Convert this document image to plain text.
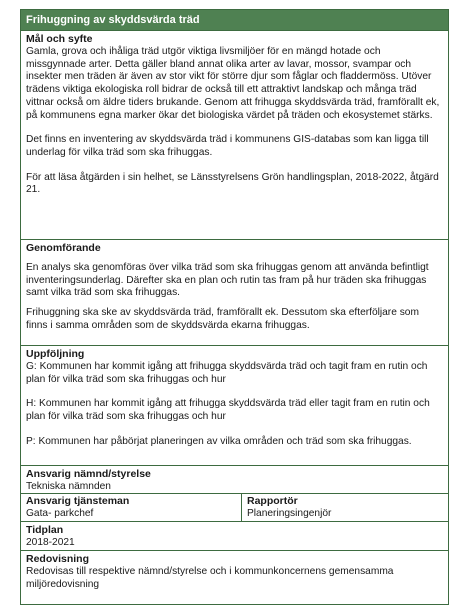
Frihuggning av skyddsvärda träd
Mål och syfte

Gamla, grova och ihåliga träd utgör viktiga livsmiljöer för en mängd hotade och missgynnade arter. Detta gäller bland annat olika arter av lavar, mossor, svampar och insekter men träden är även av stor vikt för större djur som fåglar och fladdermöss. Utöver trädens viktiga ekologiska roll bidrar de också till ett attraktivt landskap och många träd vittnar också om äldre tiders brukande. Genom att frihugga skyddsvärda träd, framförallt ek, på kommunens egna marker ökar det biologiska värdet på träden och ekosystemet stärks.

Det finns en inventering av skyddsvärda träd i kommunens GIS-databas som kan ligga till underlag för vilka träd som ska frihuggas.

För att läsa åtgärden i sin helhet, se Länsstyrelsens Grön handlingsplan, 2018-2022, åtgärd 21.

Genomförande

En analys ska genomföras över vilka träd som ska frihuggas genom att använda befintligt inventeringsunderlag. Därefter ska en plan och rutin tas fram på hur träden ska frihuggas samt vilka träd som ska frihuggas.

Frihuggning ska ske av skyddsvärda träd, framförallt ek. Dessutom ska efterföljare som finns i samma områden som de skyddsvärda ekarna frihuggas.

Uppföljning

G: Kommunen har kommit igång att frihugga skyddsvärda träd och tagit fram en rutin och plan för vilka träd som ska frihuggas och hur

H: Kommunen har kommit igång att frihugga skyddsvärda träd eller tagit fram en rutin och plan för vilka träd som ska frihuggas och hur

P: Kommunen har påbörjat planeringen av vilka områden och träd som ska frihuggas.

Ansvarig nämnd/styrelse

Tekniska nämnden

Ansvarig tjänsteman

Gata- parkchef

Rapportör

Planeringsingenjör

Tidplan

2018-2021

Redovisning

Redovisas till respektive nämnd/styrelse och i kommunkoncernens gemensamma miljöredovisning
